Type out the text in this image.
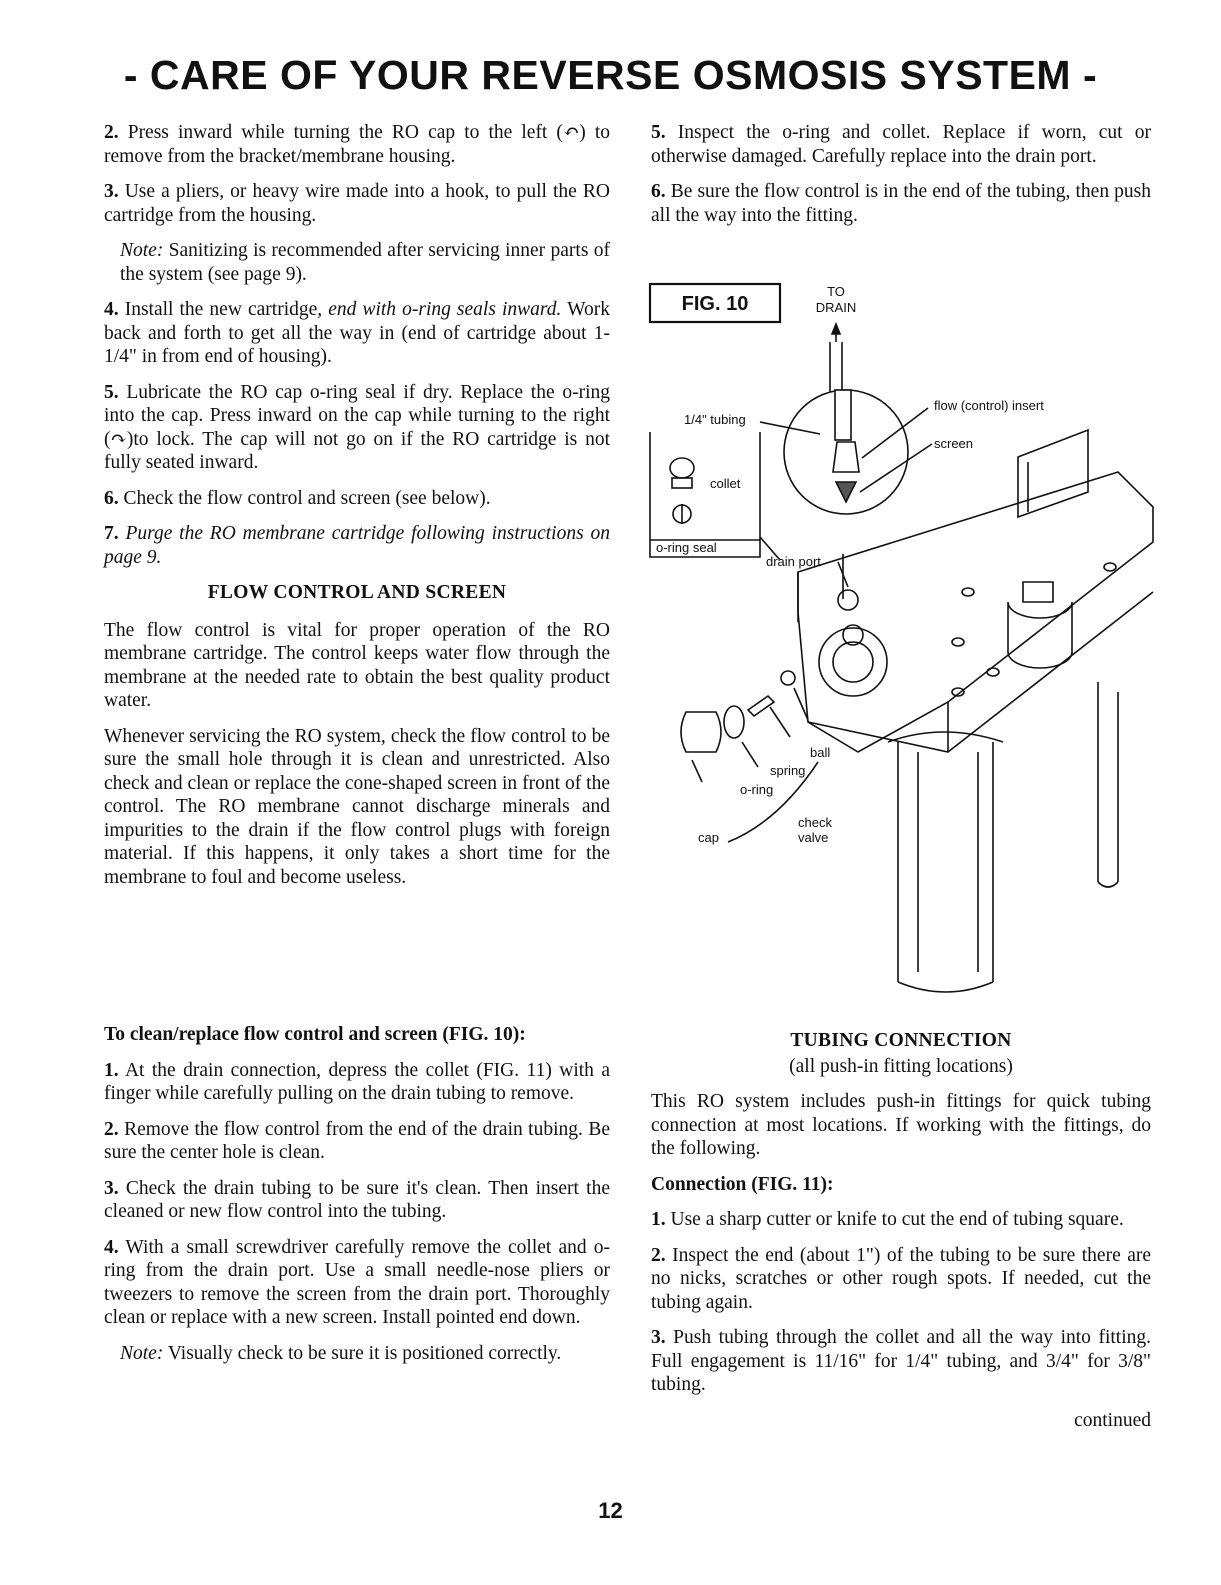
- CARE OF YOUR REVERSE OSMOSIS SYSTEM -

2. Press inward while turning the RO cap to the left (↶) to remove from the bracket/membrane housing.

3. Use a pliers, or heavy wire made into a hook, to pull the RO cartridge from the housing.

Note: Sanitizing is recommended after servicing inner parts of the system (see page 9).

4. Install the new cartridge, end with o-ring seals inward. Work back and forth to get all the way in (end of cartridge about 1-1/4" in from end of housing).

5. Lubricate the RO cap o-ring seal if dry. Replace the o-ring into the cap. Press inward on the cap while turning to the right (↷)to lock. The cap will not go on if the RO cartridge is not fully seated inward.

6. Check the flow control and screen (see below).

7. Purge the RO membrane cartridge following instructions on page 9.

FLOW CONTROL AND SCREEN

The flow control is vital for proper operation of the RO membrane cartridge. The control keeps water flow through the membrane at the needed rate to obtain the best quality product water.

Whenever servicing the RO system, check the flow control to be sure the small hole through it is clean and unrestricted. Also check and clean or replace the cone-shaped screen in front of the control. The RO membrane cannot discharge minerals and impurities to the drain if the flow control plugs with foreign material. If this happens, it only takes a short time for the membrane to foul and become useless.

5. Inspect the o-ring and collet. Replace if worn, cut or otherwise damaged. Carefully replace into the drain port.

6. Be sure the flow control is in the end of the tubing, then push all the way into the fitting.

FIG. 10
TO
DRAIN
1/4" tubing
flow (control) insert
screen
collet
o-ring seal
drain port
ball
spring
o-ring
cap
check
valve

To clean/replace flow control and screen (FIG. 10):

1. At the drain connection, depress the collet (FIG. 11) with a finger while carefully pulling on the drain tubing to remove.

2. Remove the flow control from the end of the drain tubing. Be sure the center hole is clean.

3. Check the drain tubing to be sure it's clean. Then insert the cleaned or new flow control into the tubing.

4. With a small screwdriver carefully remove the collet and o-ring from the drain port. Use a small needle-nose pliers or tweezers to remove the screen from the drain port. Thoroughly clean or replace with a new screen. Install pointed end down.

Note: Visually check to be sure it is positioned correctly.

TUBING CONNECTION

(all push-in fitting locations)

This RO system includes push-in fittings for quick tubing connection at most locations. If working with the fittings, do the following.

Connection (FIG. 11):

1. Use a sharp cutter or knife to cut the end of tubing square.

2. Inspect the end (about 1") of the tubing to be sure there are no nicks, scratches or other rough spots. If needed, cut the tubing again.

3. Push tubing through the collet and all the way into fitting. Full engagement is 11/16" for 1/4" tubing, and 3/4" for 3/8" tubing.

continued

12
